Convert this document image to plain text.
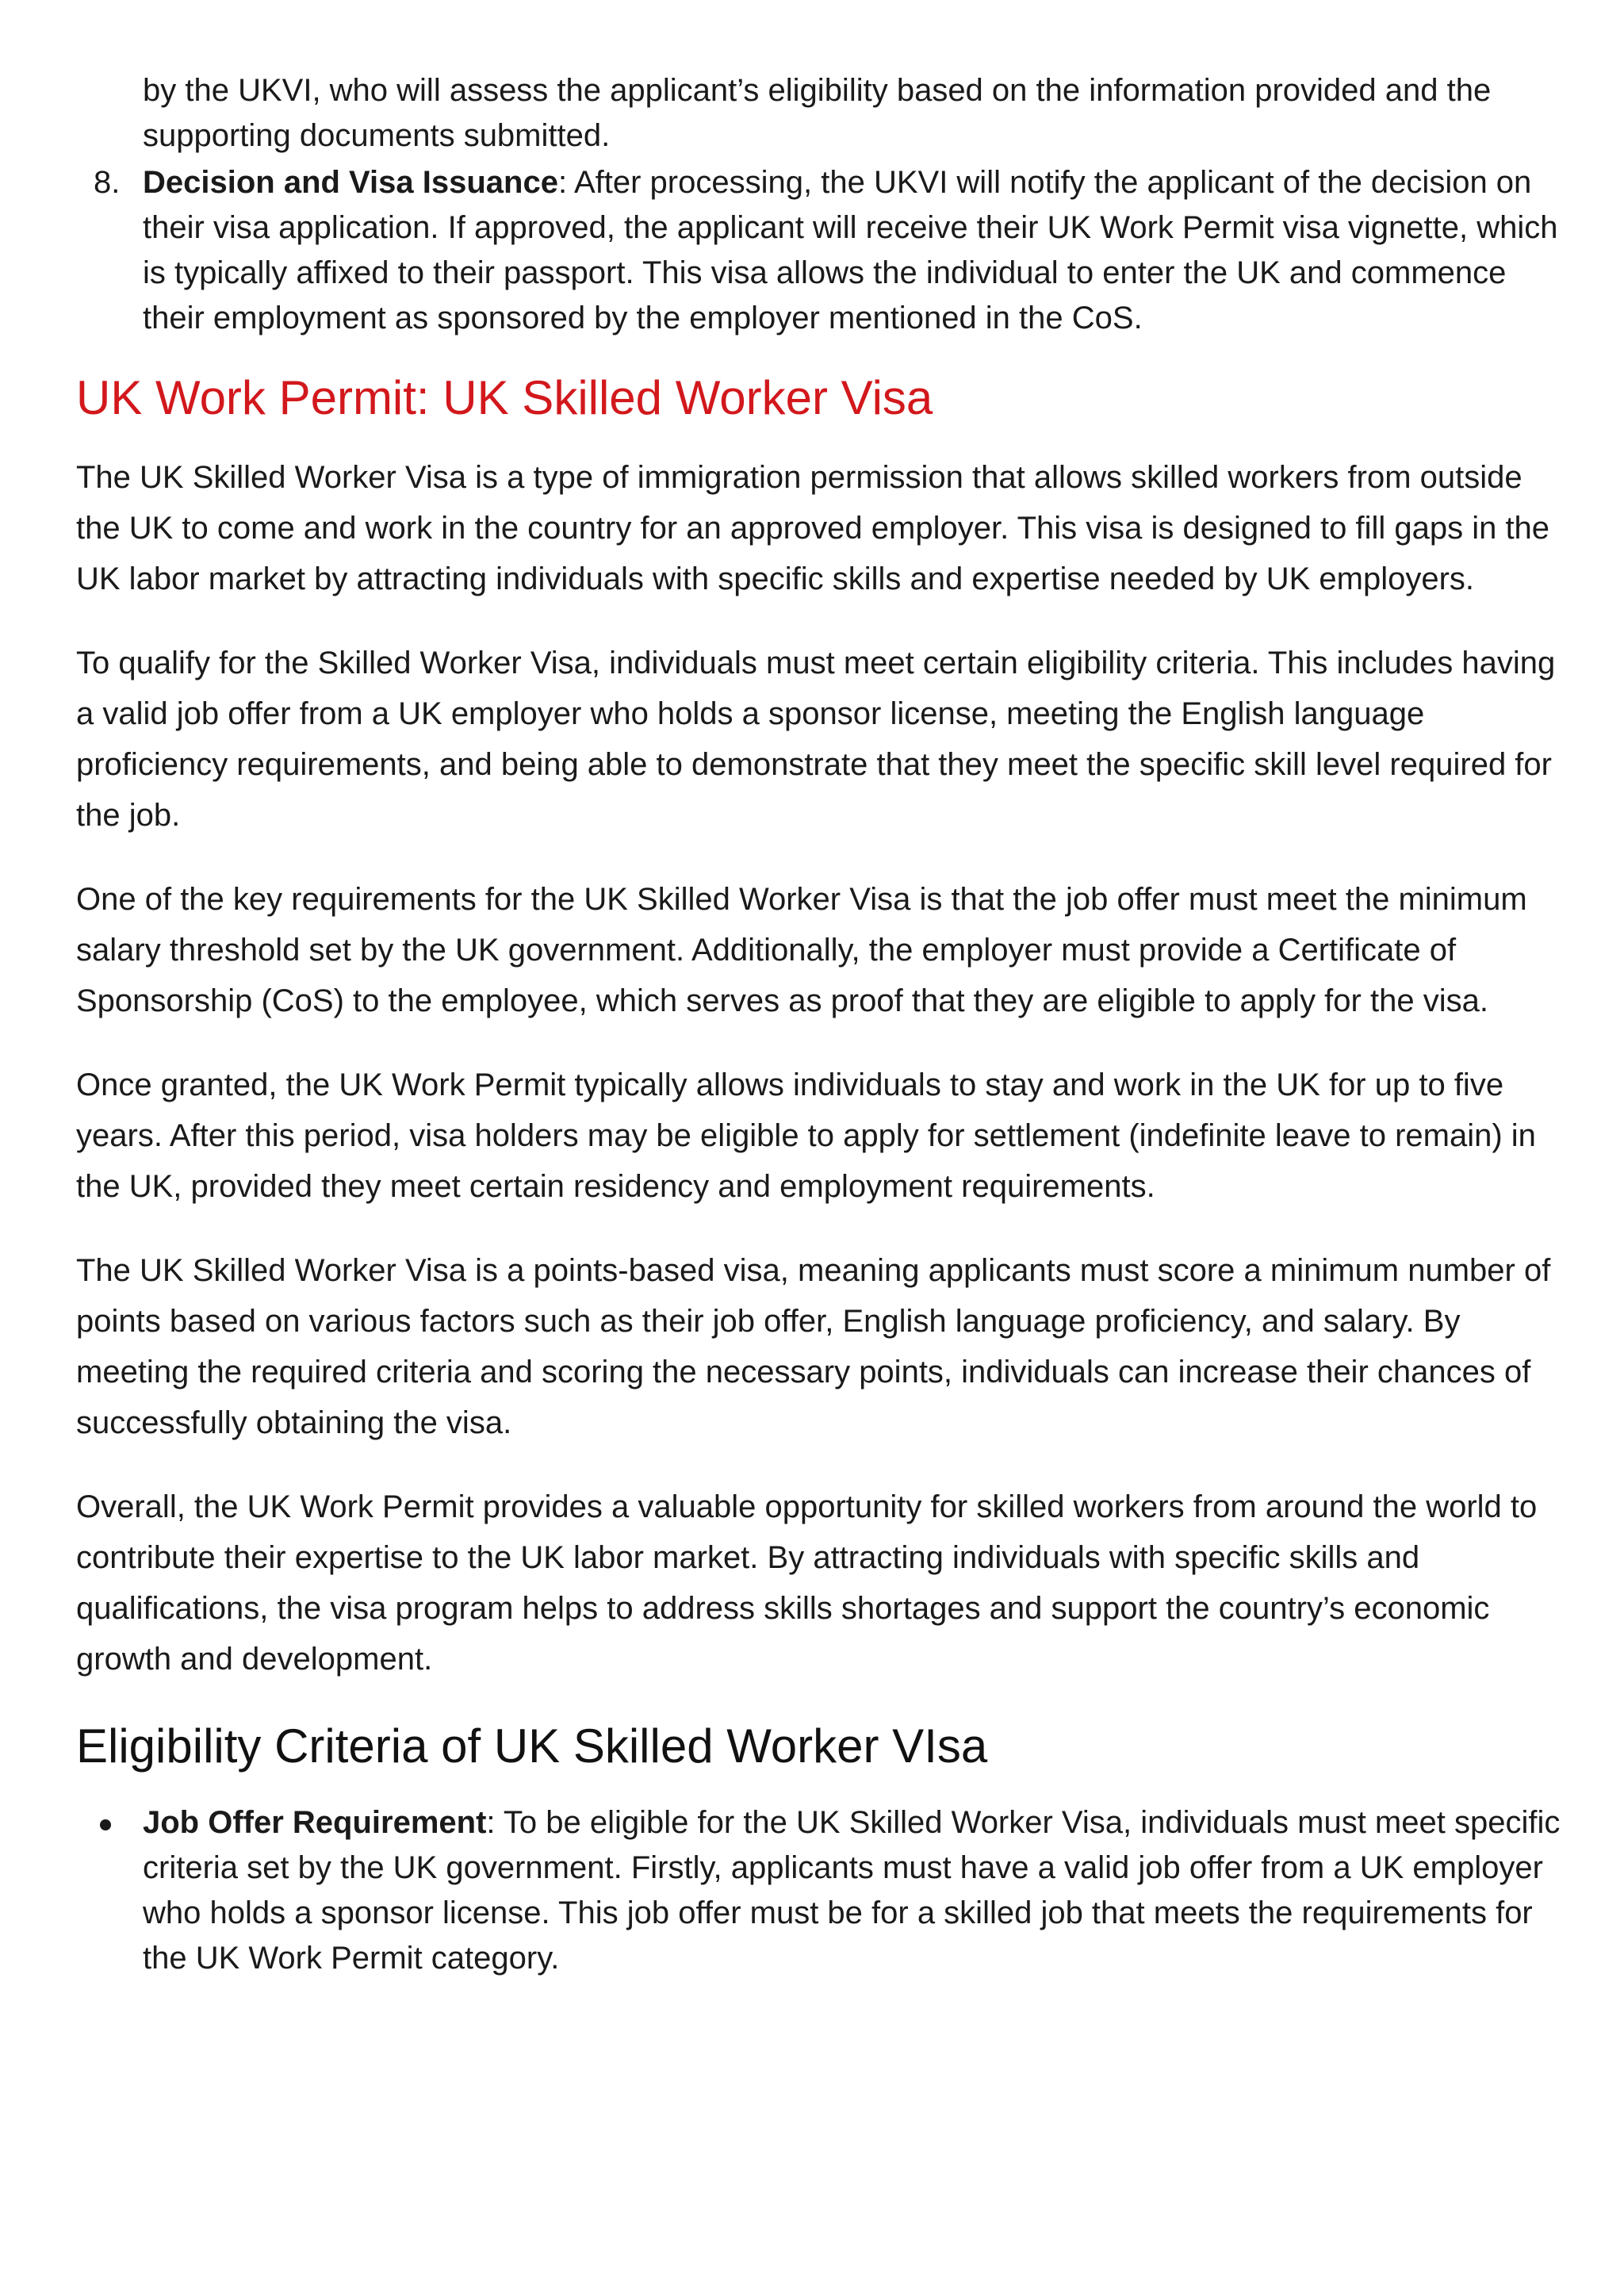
by the UKVI, who will assess the applicant’s eligibility based on the information provided and the supporting documents submitted.
8. Decision and Visa Issuance: After processing, the UKVI will notify the applicant of the decision on their visa application. If approved, the applicant will receive their UK Work Permit visa vignette, which is typically affixed to their passport. This visa allows the individual to enter the UK and commence their employment as sponsored by the employer mentioned in the CoS.
UK Work Permit: UK Skilled Worker Visa

The UK Skilled Worker Visa is a type of immigration permission that allows skilled workers from outside the UK to come and work in the country for an approved employer. This visa is designed to fill gaps in the UK labor market by attracting individuals with specific skills and expertise needed by UK employers.

To qualify for the Skilled Worker Visa, individuals must meet certain eligibility criteria. This includes having a valid job offer from a UK employer who holds a sponsor license, meeting the English language proficiency requirements, and being able to demonstrate that they meet the specific skill level required for the job.

One of the key requirements for the UK Skilled Worker Visa is that the job offer must meet the minimum salary threshold set by the UK government. Additionally, the employer must provide a Certificate of Sponsorship (CoS) to the employee, which serves as proof that they are eligible to apply for the visa.

Once granted, the UK Work Permit typically allows individuals to stay and work in the UK for up to five years. After this period, visa holders may be eligible to apply for settlement (indefinite leave to remain) in the UK, provided they meet certain residency and employment requirements.

The UK Skilled Worker Visa is a points-based visa, meaning applicants must score a minimum number of points based on various factors such as their job offer, English language proficiency, and salary. By meeting the required criteria and scoring the necessary points, individuals can increase their chances of successfully obtaining the visa.

Overall, the UK Work Permit provides a valuable opportunity for skilled workers from around the world to contribute their expertise to the UK labor market. By attracting individuals with specific skills and qualifications, the visa program helps to address skills shortages and support the country’s economic growth and development.

Eligibility Criteria of UK Skilled Worker VIsa
Job Offer Requirement: To be eligible for the UK Skilled Worker Visa, individuals must meet specific criteria set by the UK government. Firstly, applicants must have a valid job offer from a UK employer who holds a sponsor license. This job offer must be for a skilled job that meets the requirements for the UK Work Permit category.
